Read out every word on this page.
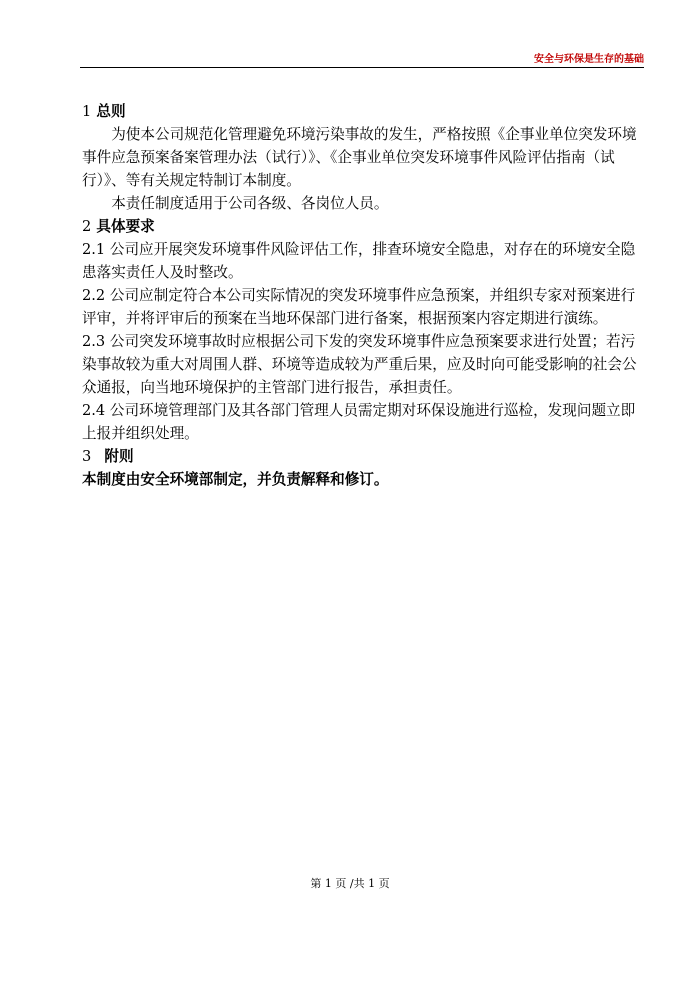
安全与环保是生存的基础
1 总则

为使本公司规范化管理避免环境污染事故的发生，严格按照《企事业单位突发环境事件应急预案备案管理办法（试行）》、《企事业单位突发环境事件风险评估指南（试行）》、等有关规定特制订本制度。

本责任制度适用于公司各级、各岗位人员。

2 具体要求

2.1 公司应开展突发环境事件风险评估工作，排查环境安全隐患，对存在的环境安全隐患落实责任人及时整改。

2.2 公司应制定符合本公司实际情况的突发环境事件应急预案，并组织专家对预案进行评审，并将评审后的预案在当地环保部门进行备案，根据预案内容定期进行演练。

2.3 公司突发环境事故时应根据公司下发的突发环境事件应急预案要求进行处置；若污染事故较为重大对周围人群、环境等造成较为严重后果，应及时向可能受影响的社会公众通报，向当地环境保护的主管部门进行报告，承担责任。

2.4 公司环境管理部门及其各部门管理人员需定期对环保设施进行巡检，发现问题立即上报并组织处理。

3 附则

本制度由安全环境部制定，并负责解释和修订。

第 1 页 /共 1 页
